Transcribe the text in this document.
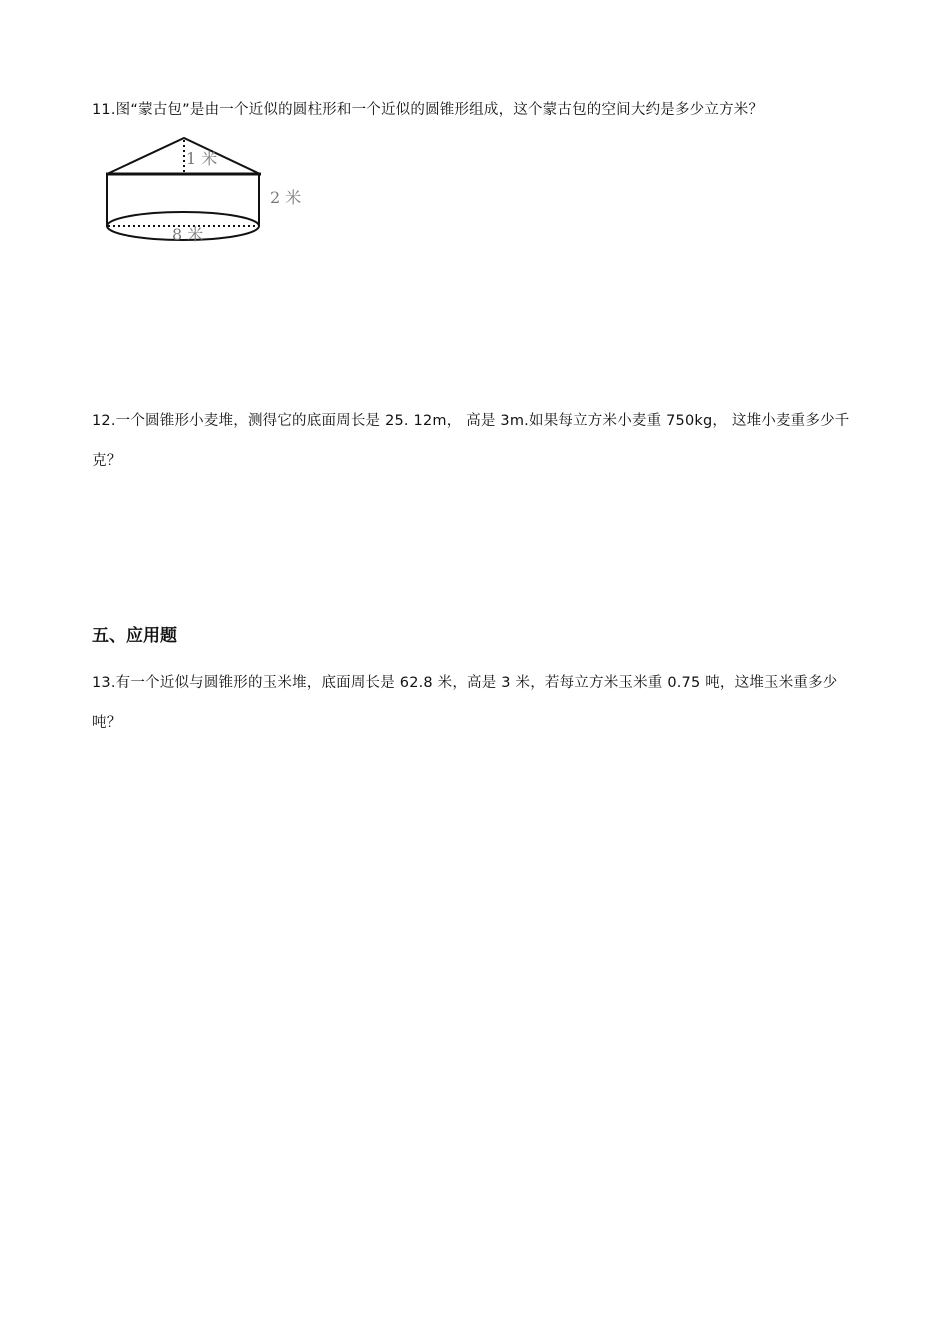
11.图“蒙古包”是由一个近似的圆柱形和一个近似的圆锥形组成，这个蒙古包的空间大约是多少立方米？
1 米
2 米
8 米
12.一个圆锥形小麦堆，测得它的底面周长是 25. 12m， 高是 3m.如果每立方米小麦重 750kg， 这堆小麦重多少千克？
五、应用题
13.有一个近似与圆锥形的玉米堆，底面周长是 62.8 米，高是 3 米，若每立方米玉米重 0.75 吨，这堆玉米重多少吨？
